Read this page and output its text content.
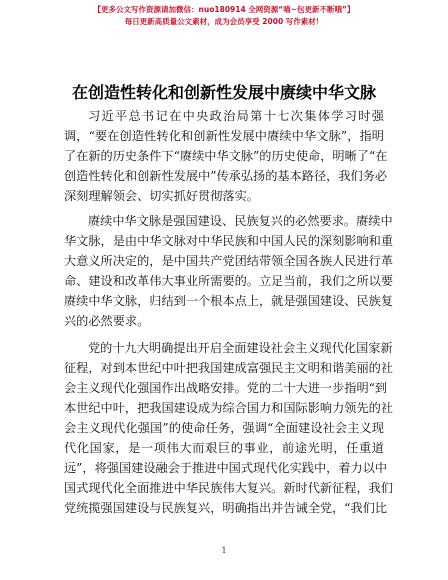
【更多公文写作资源请加微信：nuo180914 全网资源“喵~包更新不断哦”】
每日更新高质量公文素材，成为会员享受 2000 写作素材！
在创造性转化和创新性发展中赓续中华文脉
习近平总书记在中央政治局第十七次集体学习时强
调，“要在创造性转化和创新性发展中赓续中华文脉”，指明
了在新的历史条件下“赓续中华文脉”的历史使命，明晰了“在
创造性转化和创新性发展中”传承弘扬的基本路径，我们务必
深刻理解领会、切实抓好贯彻落实。
赓续中华文脉是强国建设、民族复兴的必然要求。赓续中
华文脉，是由中华文脉对中华民族和中国人民的深刻影响和重
大意义所决定的，是中国共产党团结带领全国各族人民进行革
命、建设和改革伟大事业所需要的。立足当前，我们之所以要
赓续中华文脉，归结到一个根本点上，就是强国建设、民族复
兴的必然要求。
党的十九大明确提出开启全面建设社会主义现代化国家新
征程，对到本世纪中叶把我国建成富强民主文明和谐美丽的社
会主义现代化强国作出战略安排。党的二十大进一步指明“到
本世纪中叶，把我国建设成为综合国力和国际影响力领先的社
会主义现代化强国”的使命任务，强调“全面建设社会主义现
代化国家，是一项伟大而艰巨的事业，前途光明，任重道
远”，将强国建设融会于推进中国式现代化实践中，着力以中
国式现代化全面推进中华民族伟大复兴。新时代新征程，我们
党统揽强国建设与民族复兴，明确指出并告诫全党，“我们比
1
